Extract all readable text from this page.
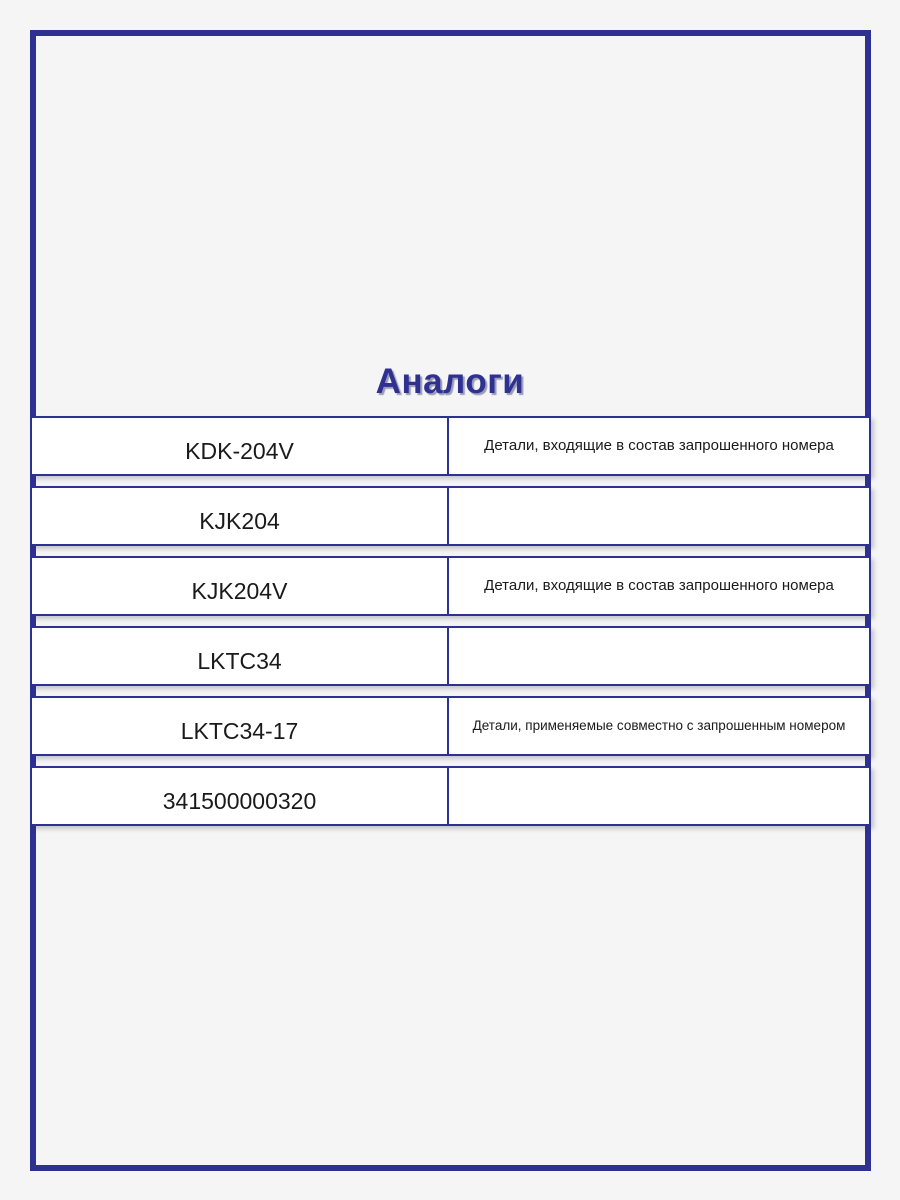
Аналоги
KDK-204V	Детали, входящие в состав запрошенного номера
KJK204
KJK204V	Детали, входящие в состав запрошенного номера
LKTC34
LKTC34-17	Детали, применяемые совместно с запрошенным номером
341500000320
